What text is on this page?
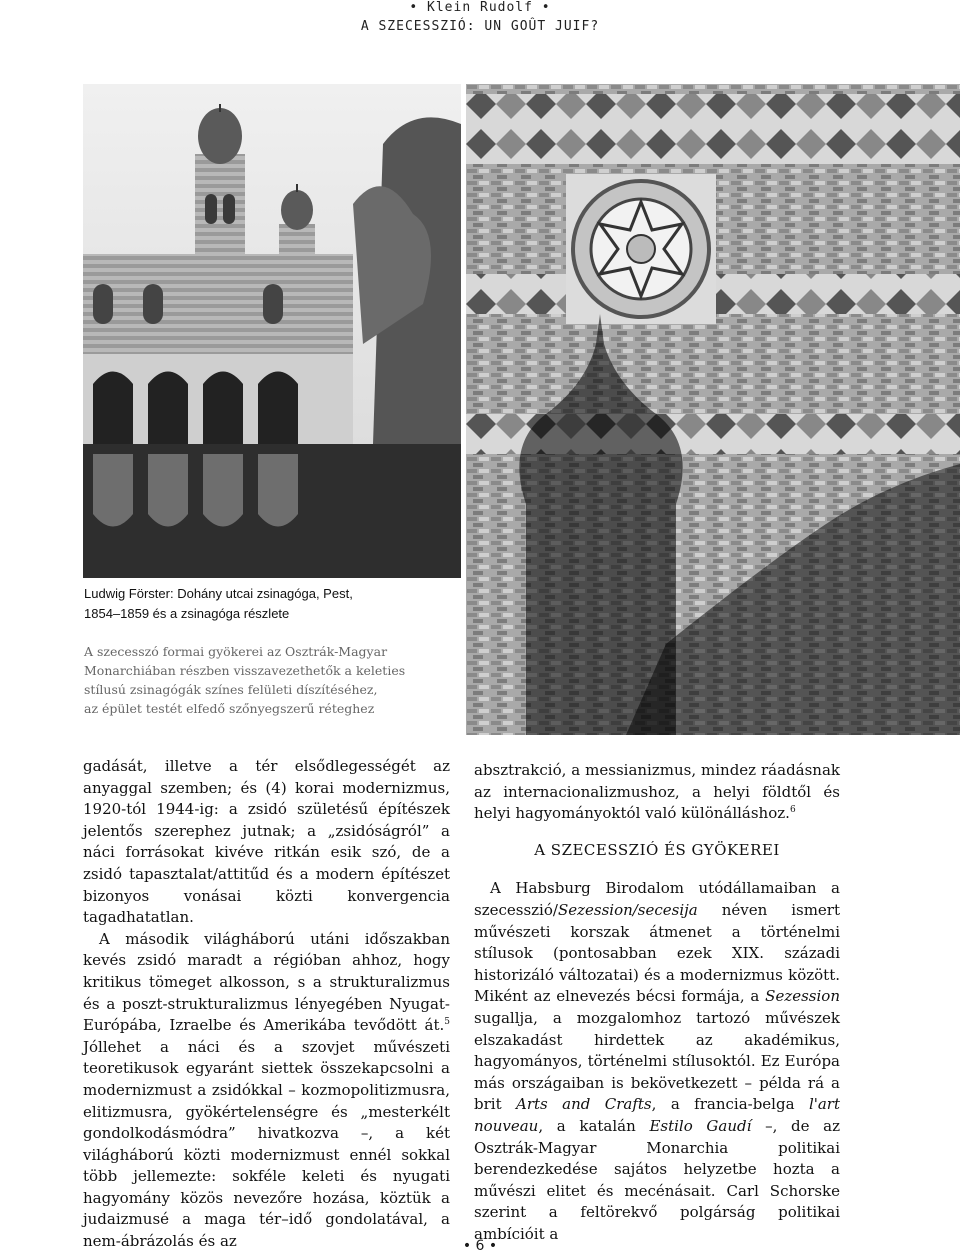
• Klein Rudolf •
A SZECESSZIÓ: UN GOÛT JUIF?
Ludwig Förster: Dohány utcai zsinagóga, Pest,
1854–1859 és a zsinagóga részlete
A szecesszó formai gyökerei az Osztrák-Magyar
Monarchiában részben visszavezethetők a keleties
stílusú zsinagógák színes felületi díszítéséhez,
az épület testét elfedő szőnyegszerű réteghez

gadását, illetve a tér elsődlegességét az anyaggal szemben; és (4) korai modernizmus, 1920-tól 1944-ig: a zsidó születésű építészek jelentős szerephez jutnak; a „zsidóságról” a náci forrásokat kivéve ritkán esik szó, de a zsidó tapasztalat/attitűd és a modern építészet bizonyos vonásai közti konvergencia tagadhatatlan.

A második világháború utáni időszakban kevés zsidó maradt a régióban ahhoz, hogy kritikus tömeget alkosson, s a strukturalizmus és a poszt-strukturalizmus lényegében Nyugat-Európába, Izraelbe és Amerikába tevődött át.$^5$ Jóllehet a náci és a szovjet művészeti teoretikusok egyaránt siettek összekapcsolni a modernizmust a zsidókkal – kozmopolitizmusra, elitizmusra, gyökértelenségre és „mesterkélt gondolkodásmódra” hivatkozva –, a két világháború közti modernizmust ennél sokkal több jellemezte: sokféle keleti és nyugati hagyomány közös nevezőre hozása, köztük a judaizmusé a maga tér–idő gondolatával, a nem-ábrázolás és az

absztrakció, a messianizmus, mindez ráadásnak az internacionalizmushoz, a helyi földtől és helyi hagyományoktól való különálláshoz.$^6$

A SZECESSZIÓ ÉS GYÖKEREI

A Habsburg Birodalom utódállamaiban a szecesszió/Sezession/secesija néven ismert művészeti korszak átmenet a történelmi stílusok (pontosabban ezek XIX. századi historizáló változatai) és a modernizmus között. Miként az elnevezés bécsi formája, a Sezession sugallja, a mozgalomhoz tartozó művészek elszakadást hirdettek az akadémikus, hagyományos, történelmi stílusoktól. Ez Európa más országaiban is bekövetkezett – példa rá a brit Arts and Crafts, a francia-belga l'art nouveau, a katalán Estilo Gaudí –, de az Osztrák-Magyar Monarchia politikai berendezkedése sajátos helyzetbe hozta a művészi elitet és mecénásait. Carl Schorske szerint a feltörekvő polgárság politikai ambícióit a

• 6 •
